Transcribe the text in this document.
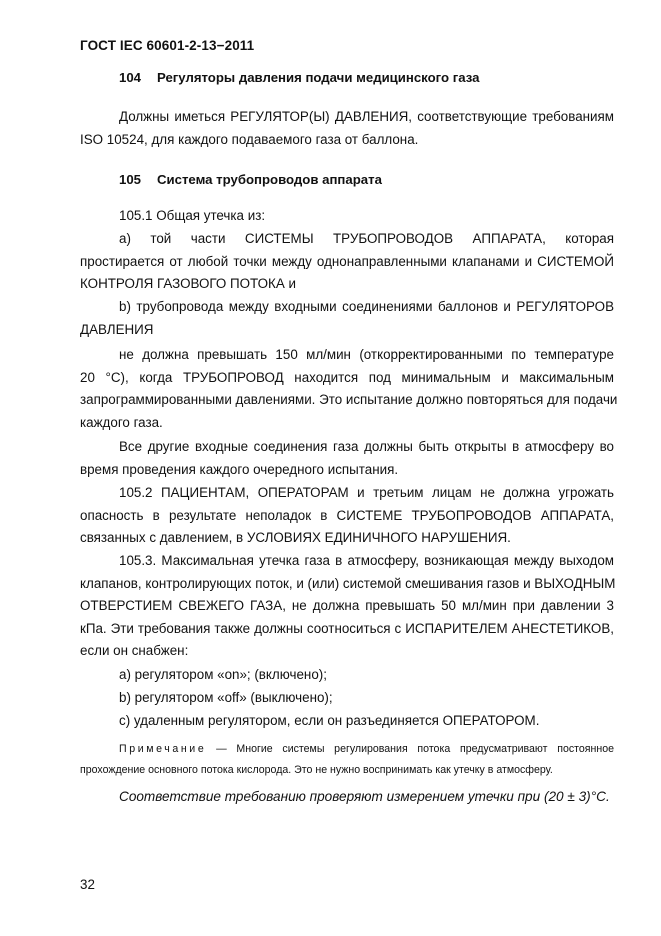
ГОСТ IEC 60601-2-13−2011
104 Регуляторы давления подачи медицинского газа
Должны иметься РЕГУЛЯТОР(Ы) ДАВЛЕНИЯ, соответствующие требованиям
ISO 10524, для каждого подаваемого газа от баллона.
105 Система трубопроводов аппарата
105.1 Общая утечка из:
a) той части СИСТЕМЫ ТРУБОПРОВОДОВ АППАРАТА, которая
простирается от любой точки между однонаправленными клапанами и СИСТЕМОЙ
КОНТРОЛЯ ГАЗОВОГО ПОТОКА и
b) трубопровода между входными соединениями баллонов и РЕГУЛЯТОРОВ
ДАВЛЕНИЯ
не должна превышать 150 мл/мин (откорректированными по температуре
20 °C), когда ТРУБОПРОВОД находится под минимальным и максимальным
запрограммированными давлениями. Это испытание должно повторяться для подачи
каждого газа.
Все другие входные соединения газа должны быть открыты в атмосферу во
время проведения каждого очередного испытания.
105.2 ПАЦИЕНТАМ, ОПЕРАТОРАМ и третьим лицам не должна угрожать
опасность в результате неполадок в СИСТЕМЕ ТРУБОПРОВОДОВ АППАРАТА,
связанных с давлением, в УСЛОВИЯХ ЕДИНИЧНОГО НАРУШЕНИЯ.
105.3. Максимальная утечка газа в атмосферу, возникающая между выходом
клапанов, контролирующих поток, и (или) системой смешивания газов и ВЫХОДНЫМ
ОТВЕРСТИЕМ СВЕЖЕГО ГАЗА, не должна превышать 50 мл/мин при давлении 3
кПа. Эти требования также должны соотноситься с ИСПАРИТЕЛЕМ АНЕСТЕТИКОВ,
если он снабжен:
a) регулятором «on»; (включено);
b) регулятором «off» (выключено);
c) удаленным регулятором, если он разъединяется ОПЕРАТОРОМ.
Примечание — Многие системы регулирования потока предусматривают постоянное
прохождение основного потока кислорода. Это не нужно воспринимать как утечку в атмосферу.
Соответствие требованию проверяют измерением утечки при (20 ± 3)°C.
32
